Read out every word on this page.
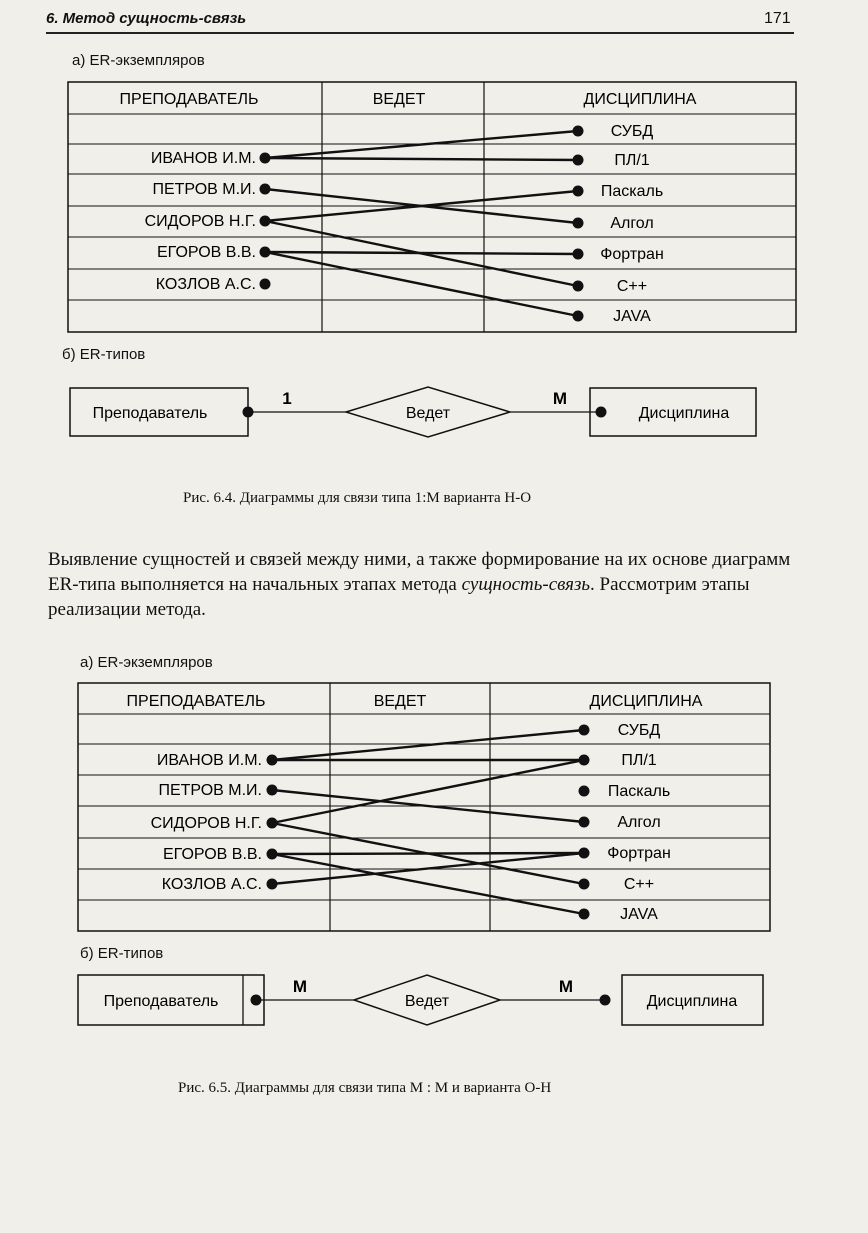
6. Метод сущность-связь	171
а) ER-экземпляров
б) ER-типов
Рис. 6.4. Диаграммы для связи типа 1:М варианта Н-О
Выявление сущностей и связей между ними, а также формирование на их основе диаграмм ER-типа выполняется на начальных этапах метода сущность-связь. Рассмотрим этапы реализации метода.
а) ER-экземпляров
б) ER-типов
Рис. 6.5. Диаграммы для связи типа М : М и варианта О-Н
ПРЕПОДАВАТЕЛЬ	ВЕДЕТ	ДИСЦИПЛИНА
ИВАНОВ И.М.
ПЕТРОВ М.И.
СИДОРОВ Н.Г.
ЕГОРОВ В.В.
КОЗЛОВ А.С.
СУБД
ПЛ/1
Паскаль
Алгол
Фортран
С++
JAVA
Преподаватель	Дисциплина
Ведет
1	М
ПРЕПОДАВАТЕЛЬ	ВЕДЕТ	ДИСЦИПЛИНА
ИВАНОВ И.М.
ПЕТРОВ М.И.
СИДОРОВ Н.Г.
ЕГОРОВ В.В.
КОЗЛОВ А.С.
СУБД
ПЛ/1
Паскаль
Алгол
Фортран
С++
JAVA
Преподаватель	Дисциплина
Ведет
М	М
